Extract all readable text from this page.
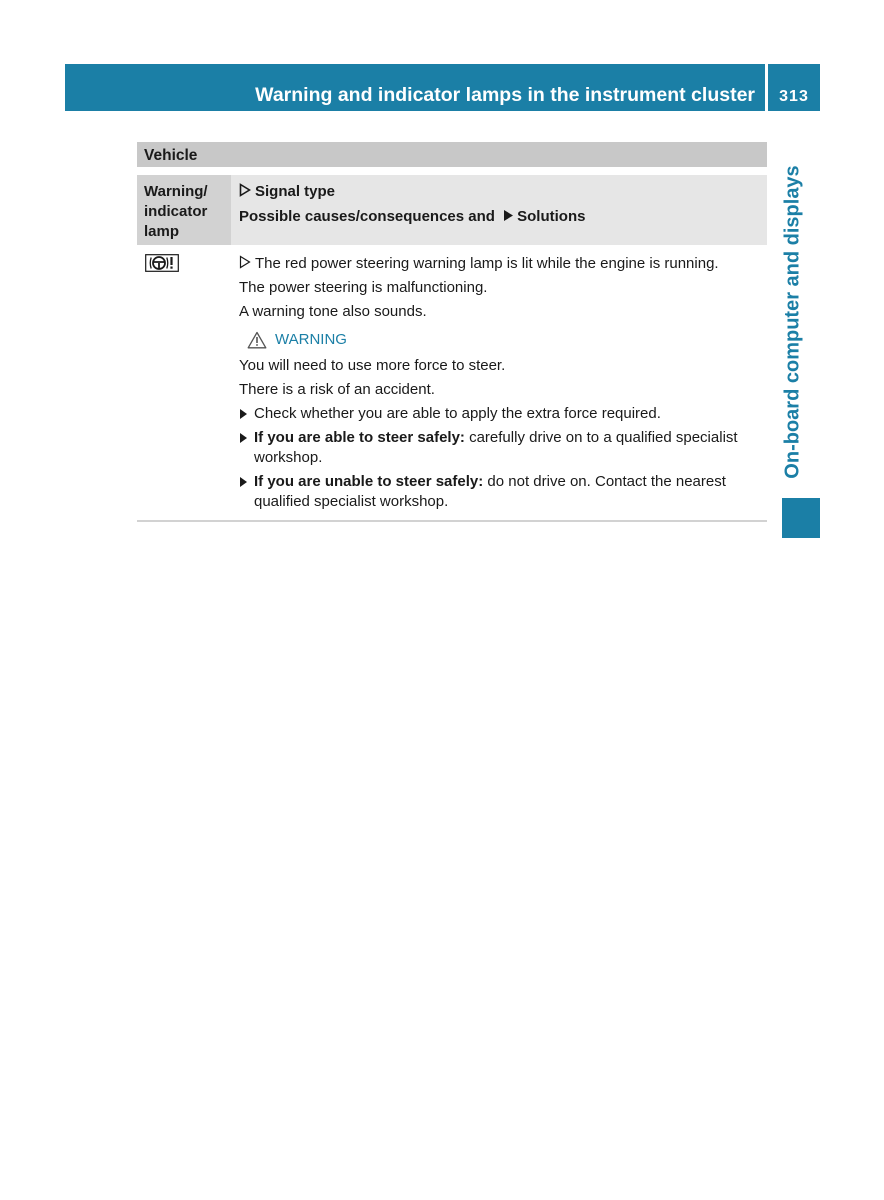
Warning and indicator lamps in the instrument cluster	313
On-board computer and displays
Vehicle
Warning/
indicator
lamp
Signal type
Possible causes/consequences and Solutions

The red power steering warning lamp is lit while the engine is running.

The power steering is malfunctioning.

A warning tone also sounds.

WARNING

You will need to use more force to steer.

There is a risk of an accident.

Check whether you are able to apply the extra force required.
If you are able to steer safely: carefully drive on to a qualified specialist workshop.
If you are unable to steer safely: do not drive on. Contact the nearest qualified specialist workshop.
